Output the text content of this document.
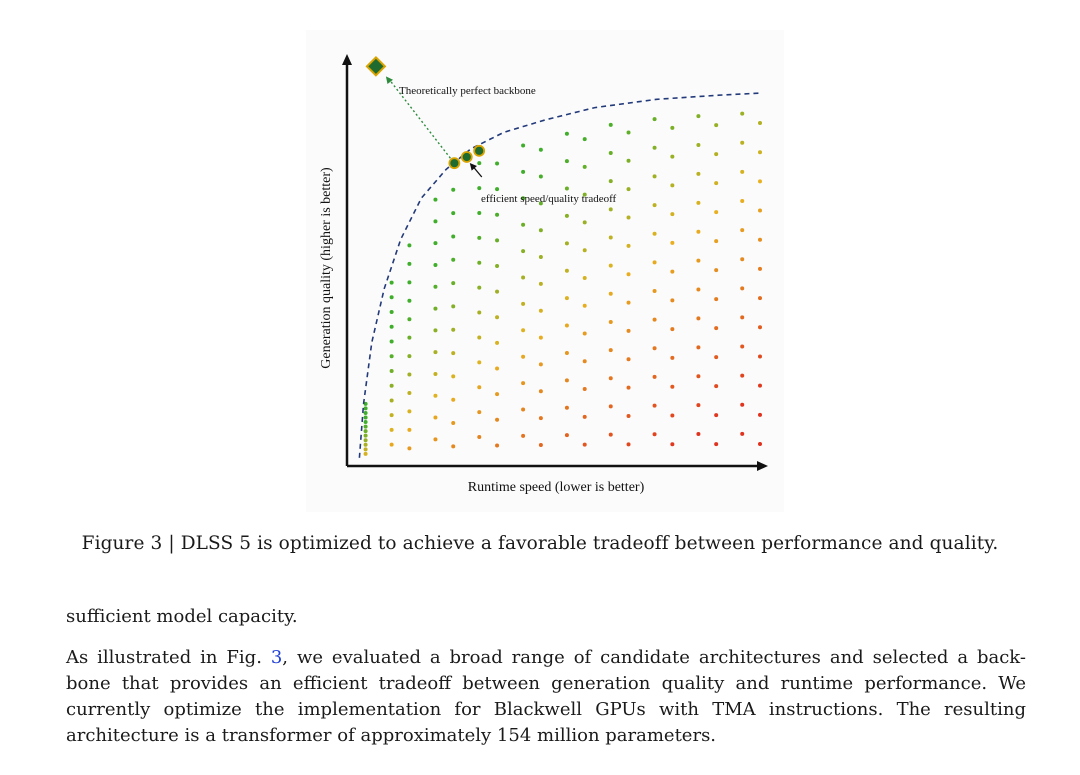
Theoretically perfect backbone
efficient speed/quality tradeoff
Runtime speed (lower is better)
Generation quality (higher is better)
Figure 3 | DLSS 5 is optimized to achieve a favorable tradeoff between performance and quality.

sufficient model capacity.

As illustrated in Fig. 3, we evaluated a broad range of candidate architectures and selected a back-
bone that provides an efficient tradeoff between generation quality and runtime performance. We
currently optimize the implementation for Blackwell GPUs with TMA instructions. The resulting
architecture is a transformer of approximately 154 million parameters.
